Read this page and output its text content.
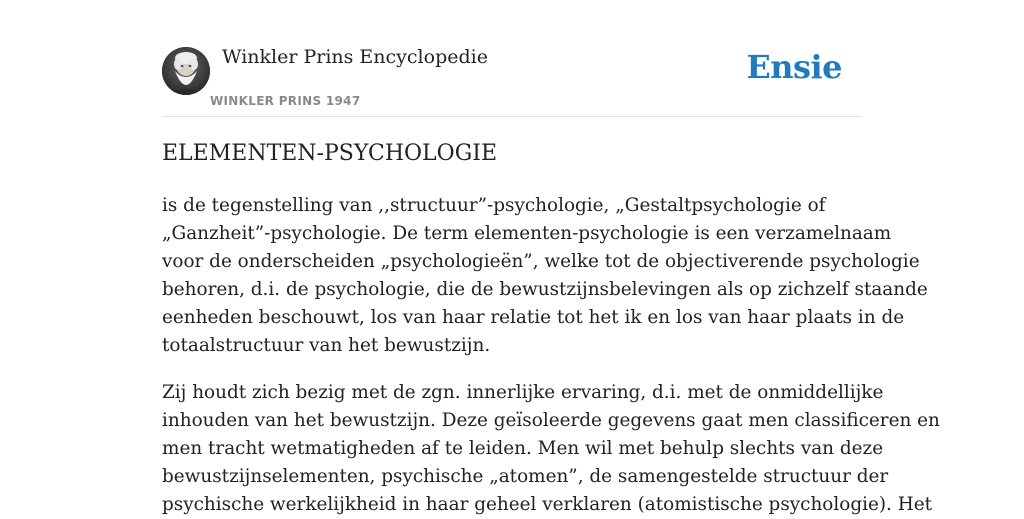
Winkler Prins Encyclopedie
WINKLER PRINS 1947
Ensie
ELEMENTEN-PSYCHOLOGIE

is de tegenstelling van ,,structuur”-psychologie, „Gestaltpsychologie of
„Ganzheit”-psychologie. De term elementen-psychologie is een verzamelnaam
voor de onderscheiden „psychologieën”, welke tot de objectiverende psychologie
behoren, d.i. de psychologie, die de bewustzijnsbelevingen als op zichzelf staande
eenheden beschouwt, los van haar relatie tot het ik en los van haar plaats in de
totaalstructuur van het bewustzijn.

Zij houdt zich bezig met de zgn. innerlijke ervaring, d.i. met de onmiddellijke
inhouden van het bewustzijn. Deze geïsoleerde gegevens gaat men classificeren en
men tracht wetmatigheden af te leiden. Men wil met behulp slechts van deze
bewustzijnselementen, psychische „atomen”, de samengestelde structuur der
psychische werkelijkheid in haar geheel verklaren (atomistische psychologie). Het
